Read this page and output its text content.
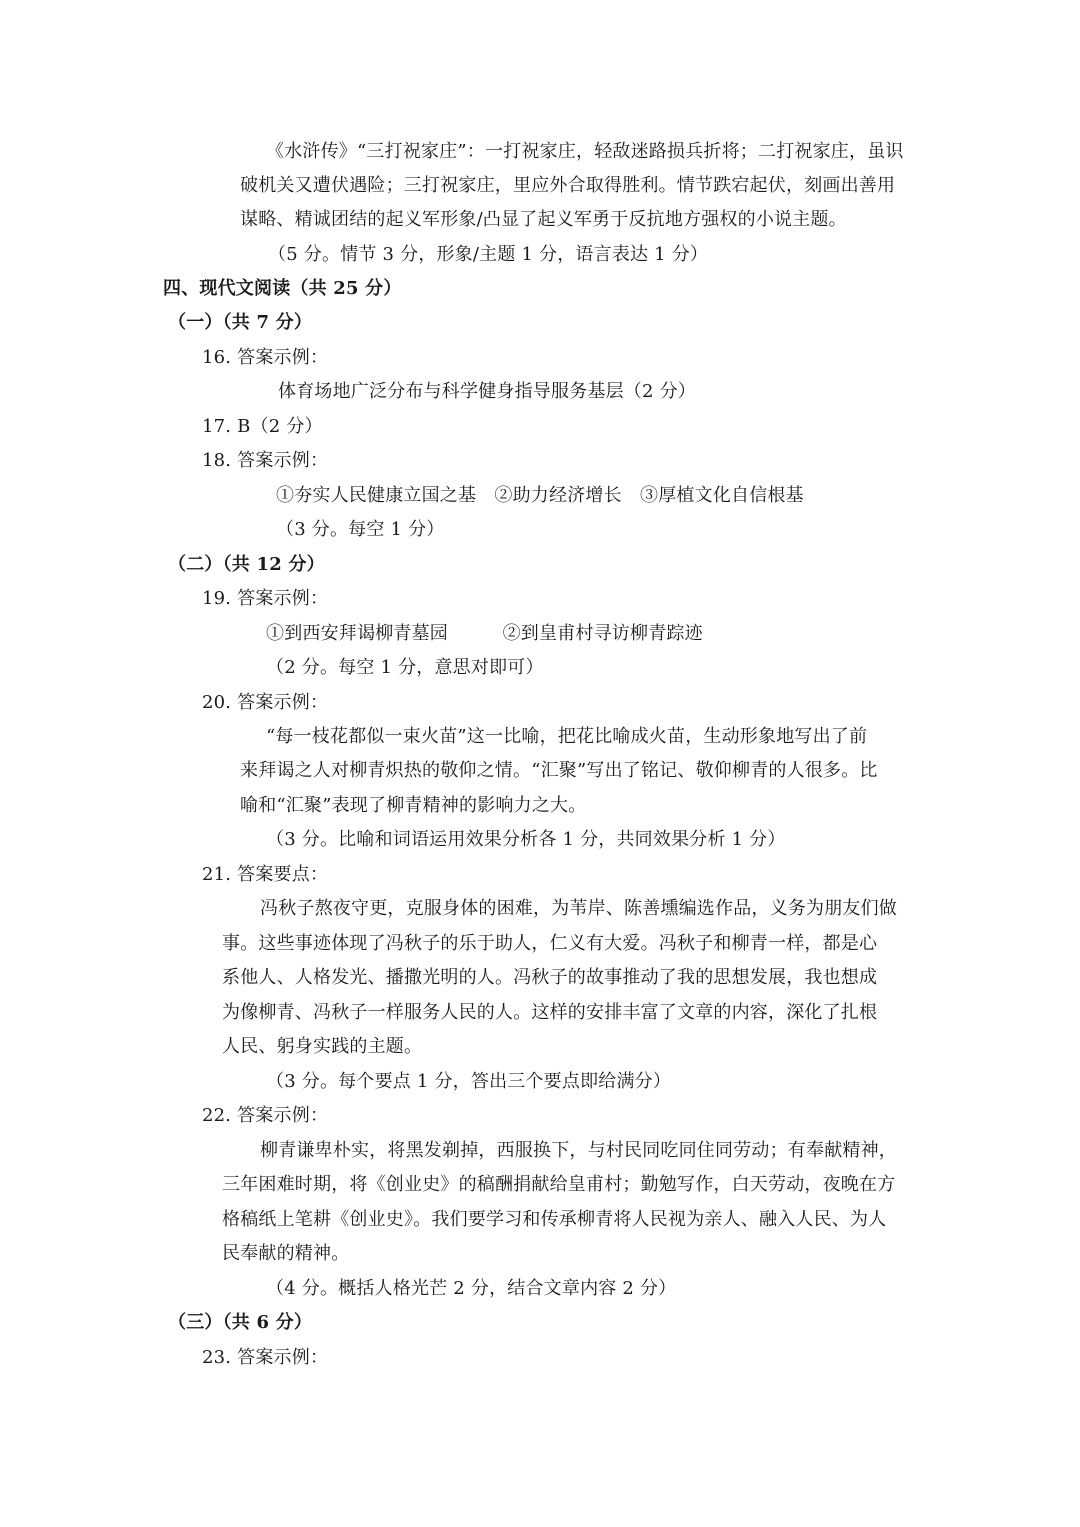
《水浒传》“三打祝家庄”：一打祝家庄，轻敌迷路损兵折将；二打祝家庄，虽识
破机关又遭伏遇险；三打祝家庄，里应外合取得胜利。情节跌宕起伏，刻画出善用
谋略、精诚团结的起义军形象/凸显了起义军勇于反抗地方强权的小说主题。
（5 分。情节 3 分，形象/主题 1 分，语言表达 1 分）
四、现代文阅读（共 25 分）
（一）（共 7 分）
16. 答案示例：
体育场地广泛分布与科学健身指导服务基层（2 分）
17. B（2 分）
18. 答案示例：
①夯实人民健康立国之基　②助力经济增长　③厚植文化自信根基
（3 分。每空 1 分）
（二）（共 12 分）
19. 答案示例：
①到西安拜谒柳青墓园　　　②到皇甫村寻访柳青踪迹
（2 分。每空 1 分，意思对即可）
20. 答案示例：
“每一枝花都似一束火苗”这一比喻，把花比喻成火苗，生动形象地写出了前
来拜谒之人对柳青炽热的敬仰之情。“汇聚”写出了铭记、敬仰柳青的人很多。比
喻和“汇聚”表现了柳青精神的影响力之大。
（3 分。比喻和词语运用效果分析各 1 分，共同效果分析 1 分）
21. 答案要点：
冯秋子熬夜守更，克服身体的困难，为苇岸、陈善壎编选作品，义务为朋友们做
事。这些事迹体现了冯秋子的乐于助人，仁义有大爱。冯秋子和柳青一样，都是心
系他人、人格发光、播撒光明的人。冯秋子的故事推动了我的思想发展，我也想成
为像柳青、冯秋子一样服务人民的人。这样的安排丰富了文章的内容，深化了扎根
人民、躬身实践的主题。
（3 分。每个要点 1 分，答出三个要点即给满分）
22. 答案示例：
柳青谦卑朴实，将黑发剃掉，西服换下，与村民同吃同住同劳动；有奉献精神，
三年困难时期，将《创业史》的稿酬捐献给皇甫村；勤勉写作，白天劳动，夜晚在方
格稿纸上笔耕《创业史》。我们要学习和传承柳青将人民视为亲人、融入人民、为人
民奉献的精神。
（4 分。概括人格光芒 2 分，结合文章内容 2 分）
（三）（共 6 分）
23. 答案示例：
